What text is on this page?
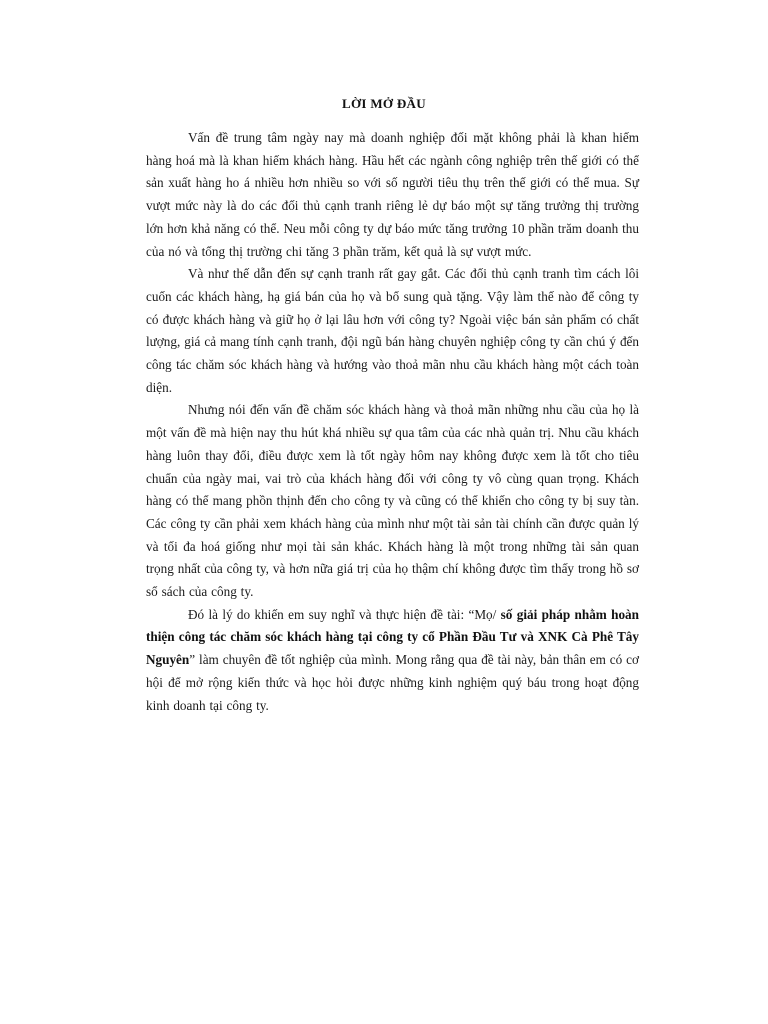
LỜI MỞ ĐẦU

Vấn đề trung tâm ngày nay mà doanh nghiệp đối mặt không phải là khan hiếm hàng hoá mà là khan hiếm khách hàng. Hầu hết các ngành công nghiệp trên thế giới có thể sản xuất hàng ho á nhiều hơn nhiều so với số người tiêu thụ trên thế giới có thể mua. Sự vượt mức này là do các đối thủ cạnh tranh riêng lẻ dự báo một sự tăng trưởng thị trường lớn hơn khả năng có thể. Neu mỗi công ty dự báo mức tăng trưởng 10 phần trăm doanh thu của nó và tổng thị trường chi tăng 3 phần trăm, kết quả là sự vượt mức.

Và như thế dẫn đến sự cạnh tranh rất gay gắt. Các đối thủ cạnh tranh tìm cách lôi cuốn các khách hàng, hạ giá bán của họ và bổ sung quà tặng. Vậy làm thế nào để công ty có được khách hàng và giữ họ ở lại lâu hơn với công ty? Ngoài việc bán sản phẩm có chất lượng, giá cả mang tính cạnh tranh, đội ngũ bán hàng chuyên nghiệp công ty cần chú ý đến công tác chăm sóc khách hàng và hướng vào thoả mãn nhu cầu khách hàng một cách toàn diện.

Nhưng nói đến vấn đề chăm sóc khách hàng và thoả mãn những nhu cầu của họ là một vấn đề mà hiện nay thu hút khá nhiều sự qua tâm của các nhà quản trị. Nhu cầu khách hàng luôn thay đổi, điều được xem là tốt ngày hôm nay không được xem là tốt cho tiêu chuẩn của ngày mai, vai trò của khách hàng đối với công ty vô cùng quan trọng. Khách hàng có thể mang phồn thịnh đến cho công ty và cũng có thể khiến cho công ty bị suy tàn. Các công ty cần phải xem khách hàng của mình như một tài sản tài chính cần được quản lý và tối đa hoá giống như mọi tài sản khác. Khách hàng là một trong những tài sản quan trọng nhất của công ty, và hơn nữa giá trị của họ thậm chí không được tìm thấy trong hồ sơ sổ sách của công ty.

Đó là lý do khiến em suy nghĩ và thực hiện đề tài: “Mọ/ số giải pháp nhằm hoàn thiện công tác chăm sóc khách hàng tại công ty cổ Phần Đầu Tư và XNK Cà Phê Tây Nguyên” làm chuyên đề tốt nghiệp của mình. Mong rằng qua đề tài này, bản thân em có cơ hội để mở rộng kiến thức và học hỏi được những kinh nghiệm quý báu trong hoạt động kinh doanh tại công ty.
